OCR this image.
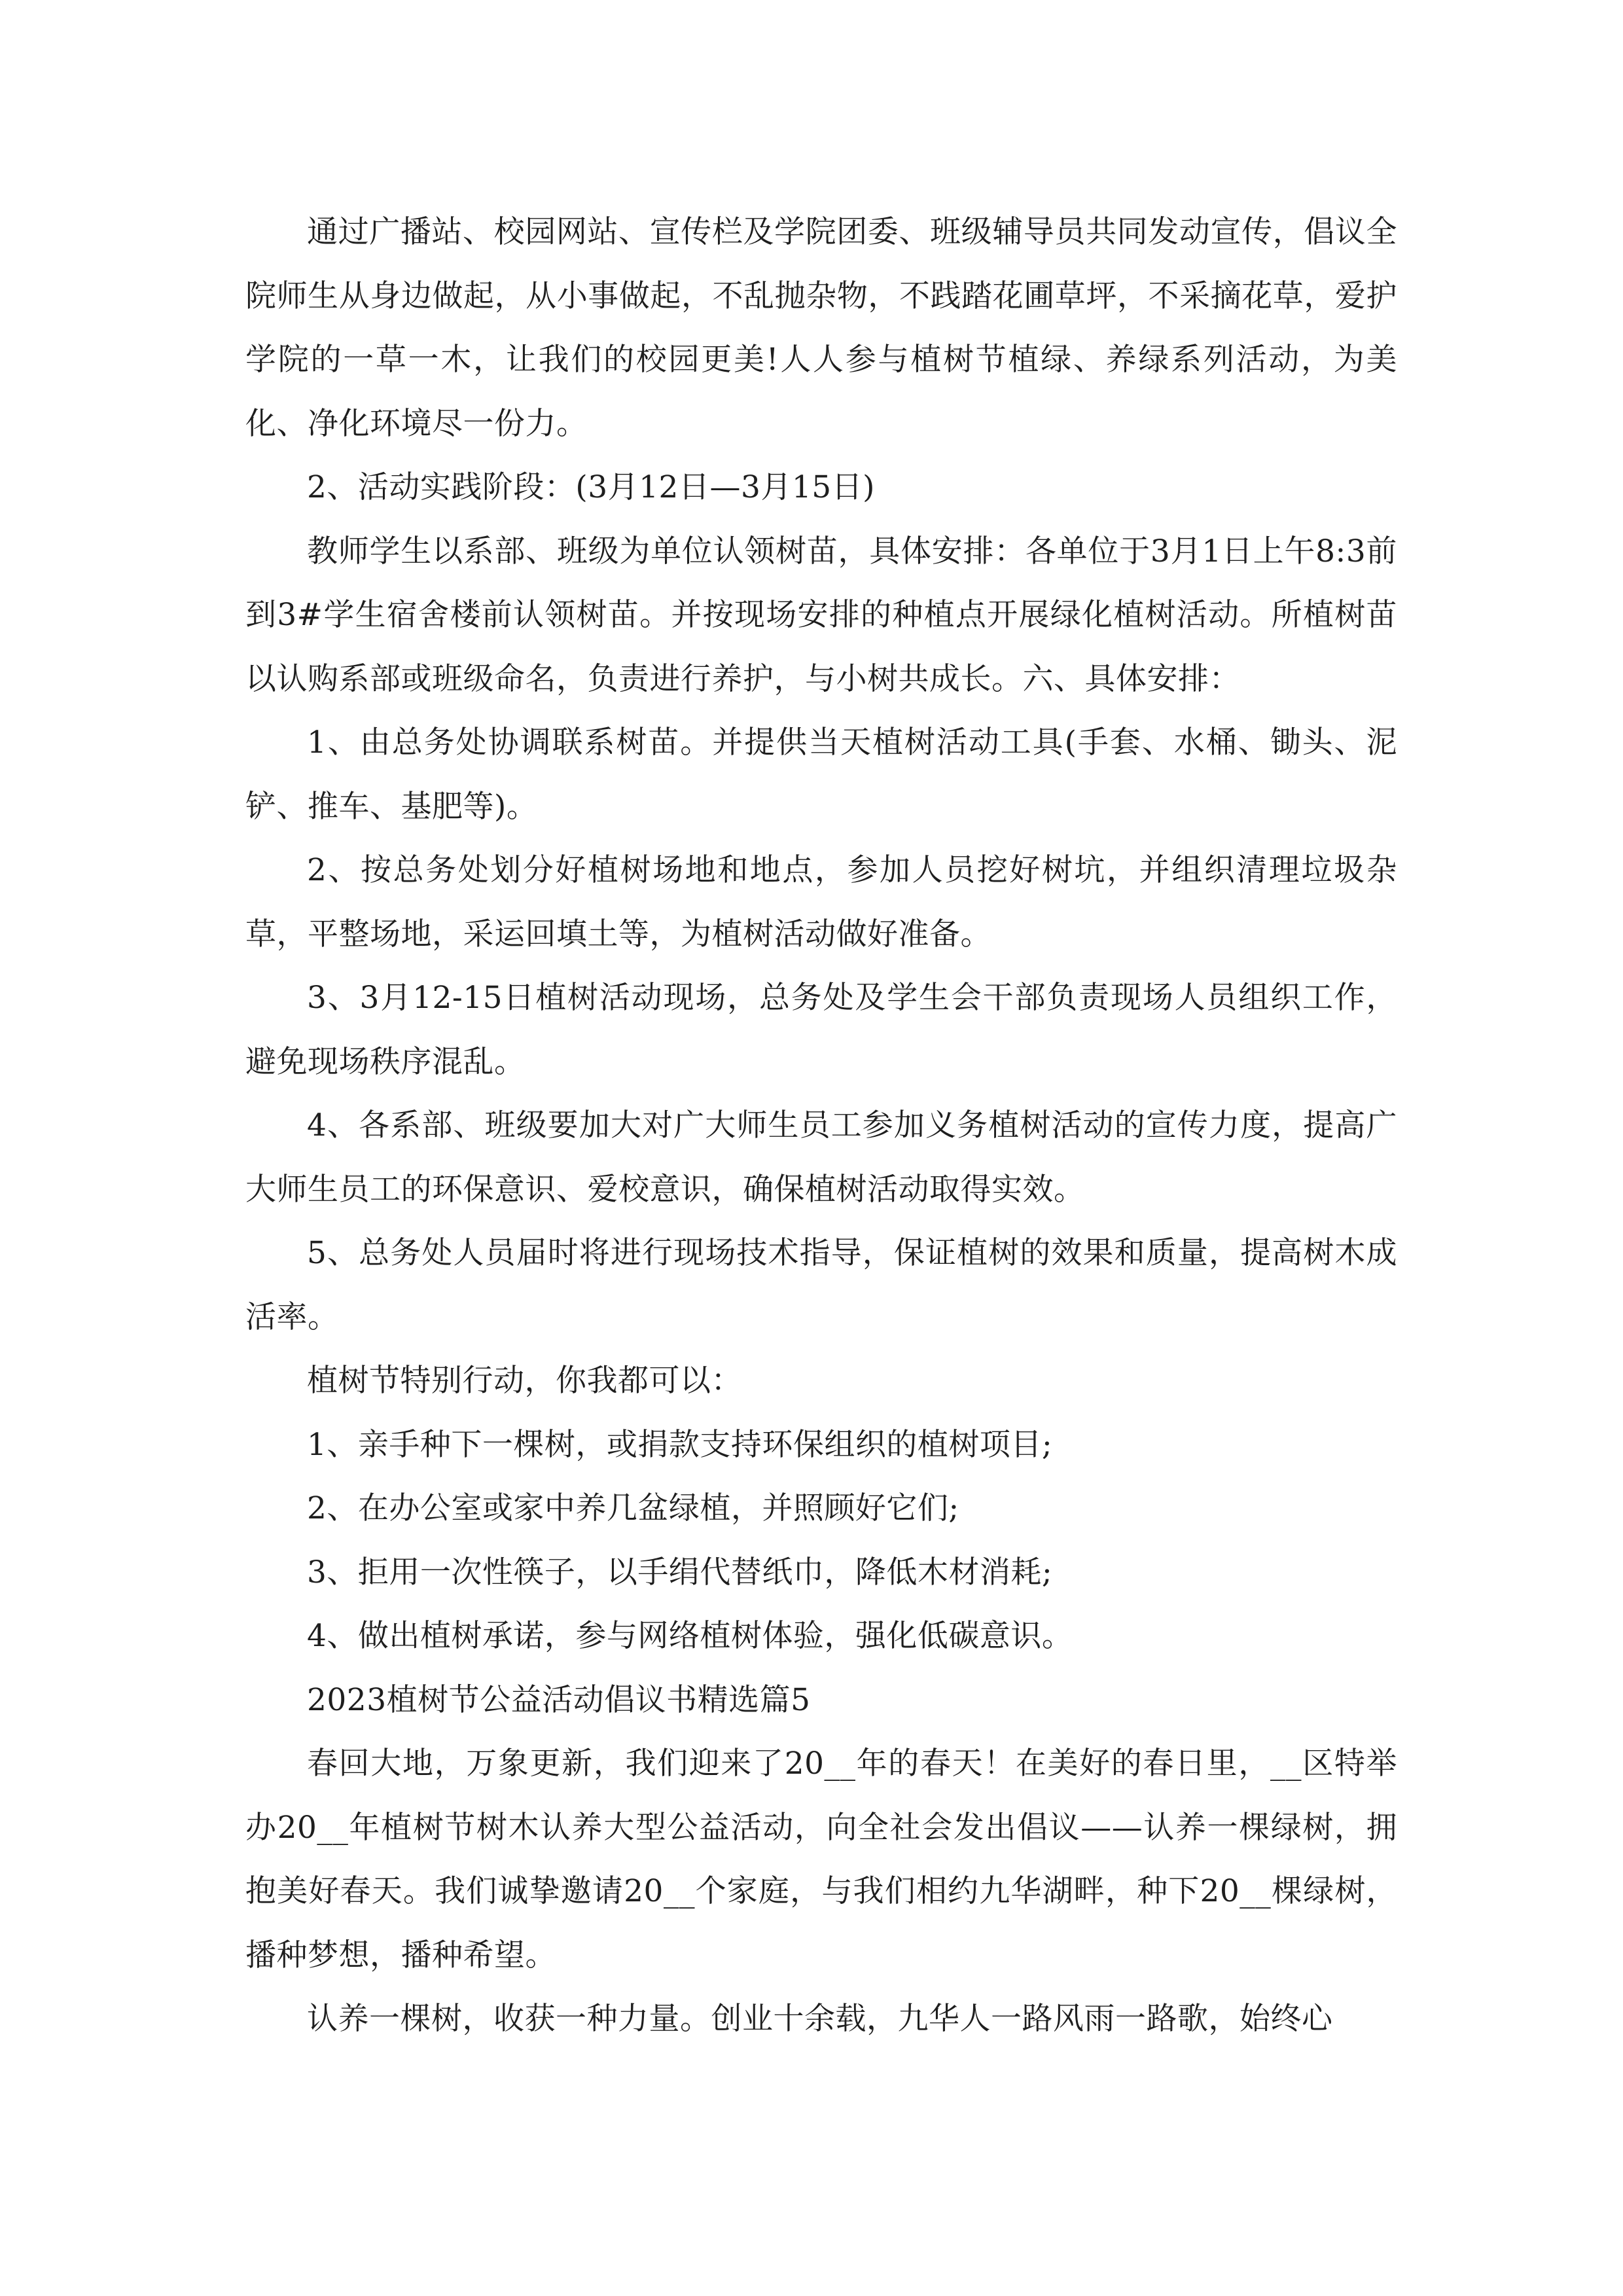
通过广播站、校园网站、宣传栏及学院团委、班级辅导员共同发动宣传，倡议全院师生从身边做起，从小事做起，不乱抛杂物，不践踏花圃草坪，不采摘花草，爱护学院的一草一木，让我们的校园更美!人人参与植树节植绿、养绿系列活动，为美化、净化环境尽一份力。

2、活动实践阶段：(3月12日—3月15日)

教师学生以系部、班级为单位认领树苗，具体安排：各单位于3月1日上午8:3前到3#学生宿舍楼前认领树苗。并按现场安排的种植点开展绿化植树活动。所植树苗以认购系部或班级命名，负责进行养护，与小树共成长。六、具体安排：

1、由总务处协调联系树苗。并提供当天植树活动工具(手套、水桶、锄头、泥铲、推车、基肥等)。

2、按总务处划分好植树场地和地点，参加人员挖好树坑，并组织清理垃圾杂草，平整场地，采运回填土等，为植树活动做好准备。

3、3月12-15日植树活动现场，总务处及学生会干部负责现场人员组织工作，避免现场秩序混乱。

4、各系部、班级要加大对广大师生员工参加义务植树活动的宣传力度，提高广大师生员工的环保意识、爱校意识，确保植树活动取得实效。

5、总务处人员届时将进行现场技术指导，保证植树的效果和质量，提高树木成活率。

植树节特别行动，你我都可以：

1、亲手种下一棵树，或捐款支持环保组织的植树项目;

2、在办公室或家中养几盆绿植，并照顾好它们;

3、拒用一次性筷子，以手绢代替纸巾，降低木材消耗;

4、做出植树承诺，参与网络植树体验，强化低碳意识。

2023植树节公益活动倡议书精选篇5

春回大地，万象更新，我们迎来了20__年的春天！在美好的春日里，__区特举办20__年植树节树木认养大型公益活动，向全社会发出倡议——认养一棵绿树，拥抱美好春天。我们诚挚邀请20__个家庭，与我们相约九华湖畔，种下20__棵绿树，播种梦想，播种希望。

认养一棵树，收获一种力量。创业十余载，九华人一路风雨一路歌，始终心
